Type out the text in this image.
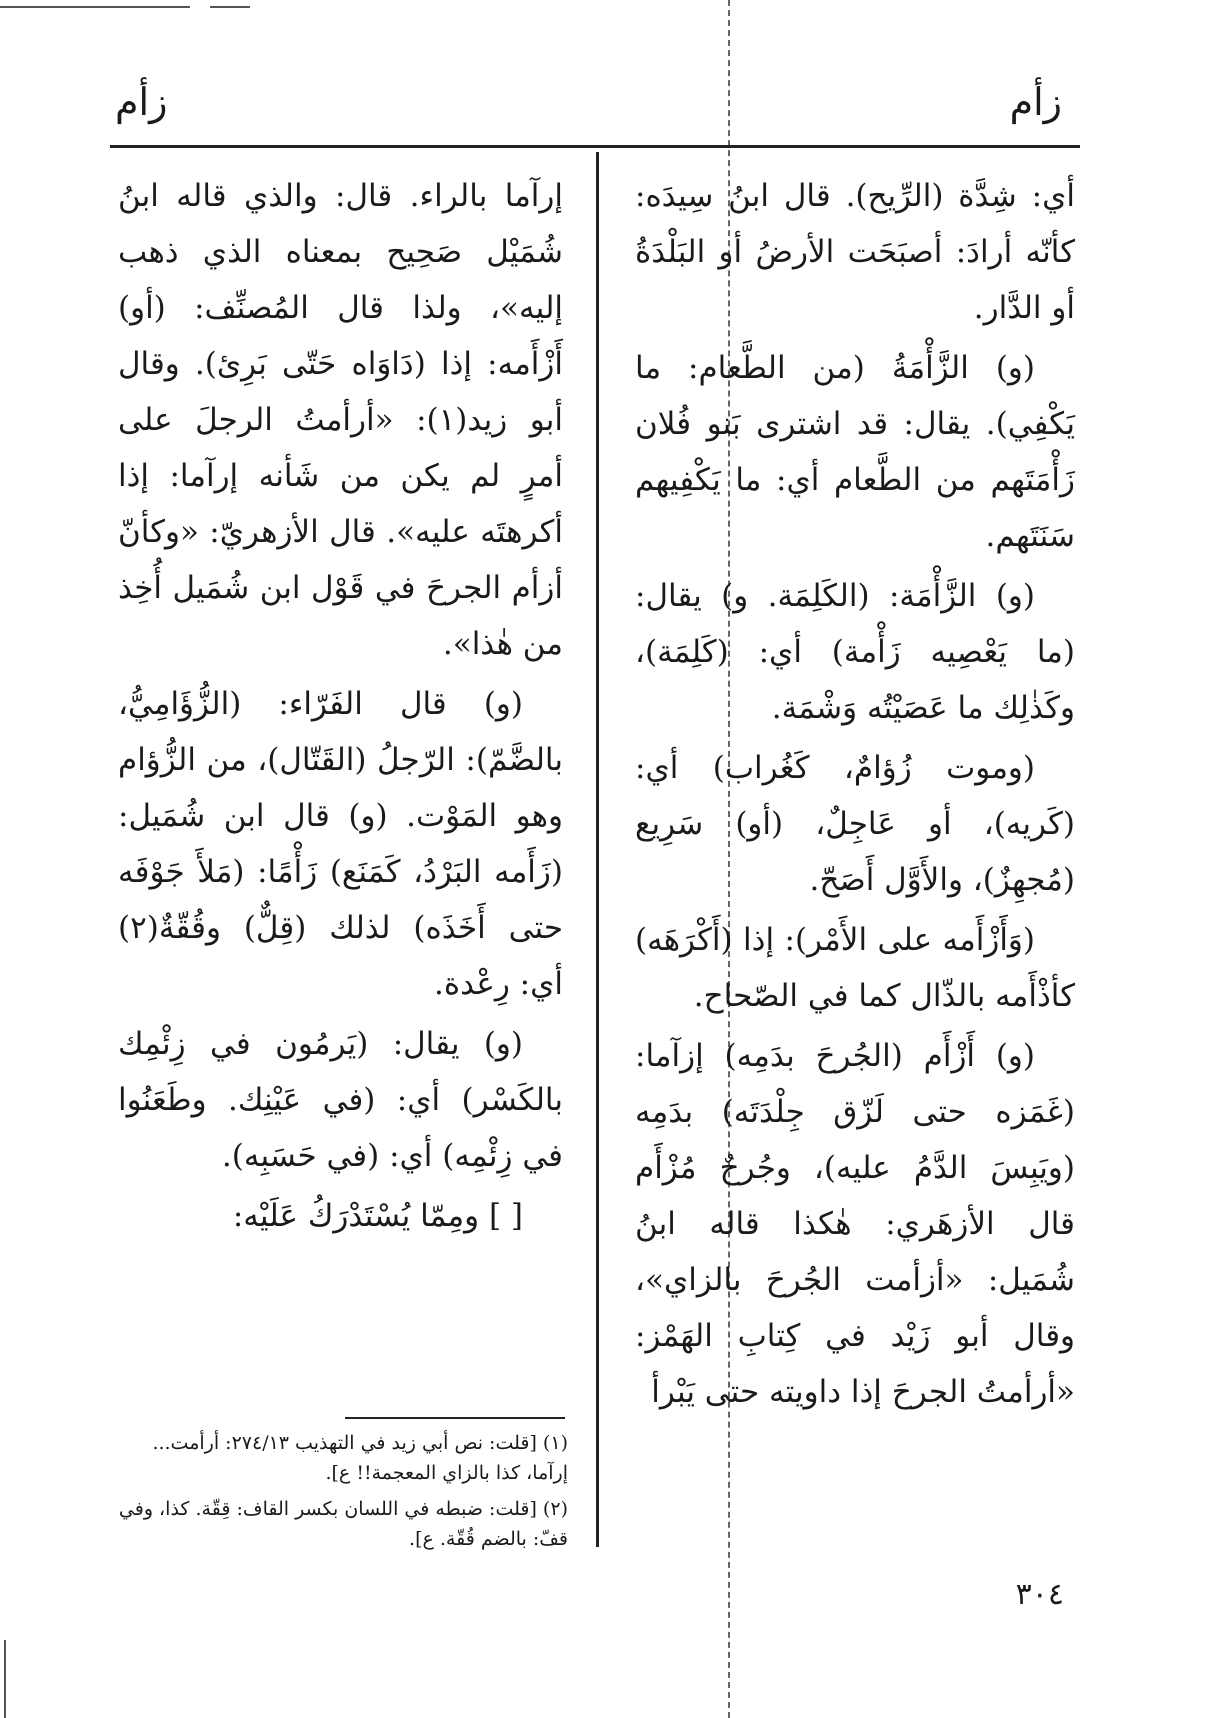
زأم
زأم

أي: شِدَّة (الرِّيح). قال ابنُ سِيدَه: كأنّه أرادَ: أصبَحَت الأرضُ أو البَلْدَةُ أو الدَّار.

(و) الزَّأْمَةُ (من الطَّعام: ما يَكْفِي). يقال: قد اشترى بَنو فُلان زَأْمَتَهم من الطَّعام أي: ما يَكْفِيهم سَنَتَهم.

(و) الزَّأْمَة: (الكَلِمَة. و) يقال: (ما يَعْصِيه زَأْمة) أي: (كَلِمَة)، وكَذٰلِك ما عَصَيْتُه وَشْمَة.

(وموت زُؤامٌ، كَغُراب) أي: (كَريه)، أو عَاجِلٌ، (أو) سَرِيع (مُجهِزٌ)، والأَوَّل أَصَحّ.

(وَأَزْأَمه على الأَمْر): إذا (أَكْرَهَه) كأذْأَمه بالذّال كما في الصّحاح.

(و) أَزْأَم (الجُرحَ بدَمِه) إزآما: (غَمَزه حتى لَزّق جِلْدَتَه) بدَمِه (ويَبِسَ الدَّمُ عليه)، وجُرحٌ مُزْأَم قال الأزهَري: هٰكذا قاله ابنُ شُمَيل: «أزأمت الجُرحَ بالزاي»، وقال أبو زَيْد في كِتابِ الهَمْز: «أرأمتُ الجرحَ إذا داويته حتى يَبْرأ

إرآما بالراء. قال: والذي قاله ابنُ شُمَيْل صَحِيح بمعناه الذي ذهب إليه»، ولذا قال المُصنِّف: (أو) أَزْأَمه: إذا (دَاوَاه حَتّى بَرِئ). وقال أبو زيد(١): «أرأمتُ الرجلَ على أمرٍ لم يكن من شَأنه إرآما: إذا أكرهتَه عليه». قال الأزهريّ: «وكأنّ أزأم الجرحَ في قَوْل ابن شُمَيل أُخِذ من هٰذا».

(و) قال الفَرّاء: (الزُّؤَامِيُّ، بالضَّمّ): الرّجلُ (القَتّال)، من الزُّؤام وهو المَوْت. (و) قال ابن شُمَيل: (زَأَمه البَرْدُ، كَمَنَع) زَأْمًا: (مَلأَ جَوْفَه حتى أَخَذَه) لذلك (قِلٌّ) وقُقّةٌ(٢) أي: رِعْدة.

(و) يقال: (يَرمُون في زِئْمِك بالكَسْر) أي: (في عَيْنِك. وطَعَنُوا في زِئْمِه) أي: (في حَسَبِه).

[ ] ومِمّا يُسْتَدْرَكُ عَلَيْه:

(١) [قلت: نص أبي زيد في التهذيب ٢٧٤/١٣: أرأمت... إرآما، كذا بالزاي المعجمة!! ع].

(٢) [قلت: ضبطه في اللسان بكسر القاف: قِقّة. كذا، وفي قفّ: بالضم قُقّة. ع].

٣٠٤
